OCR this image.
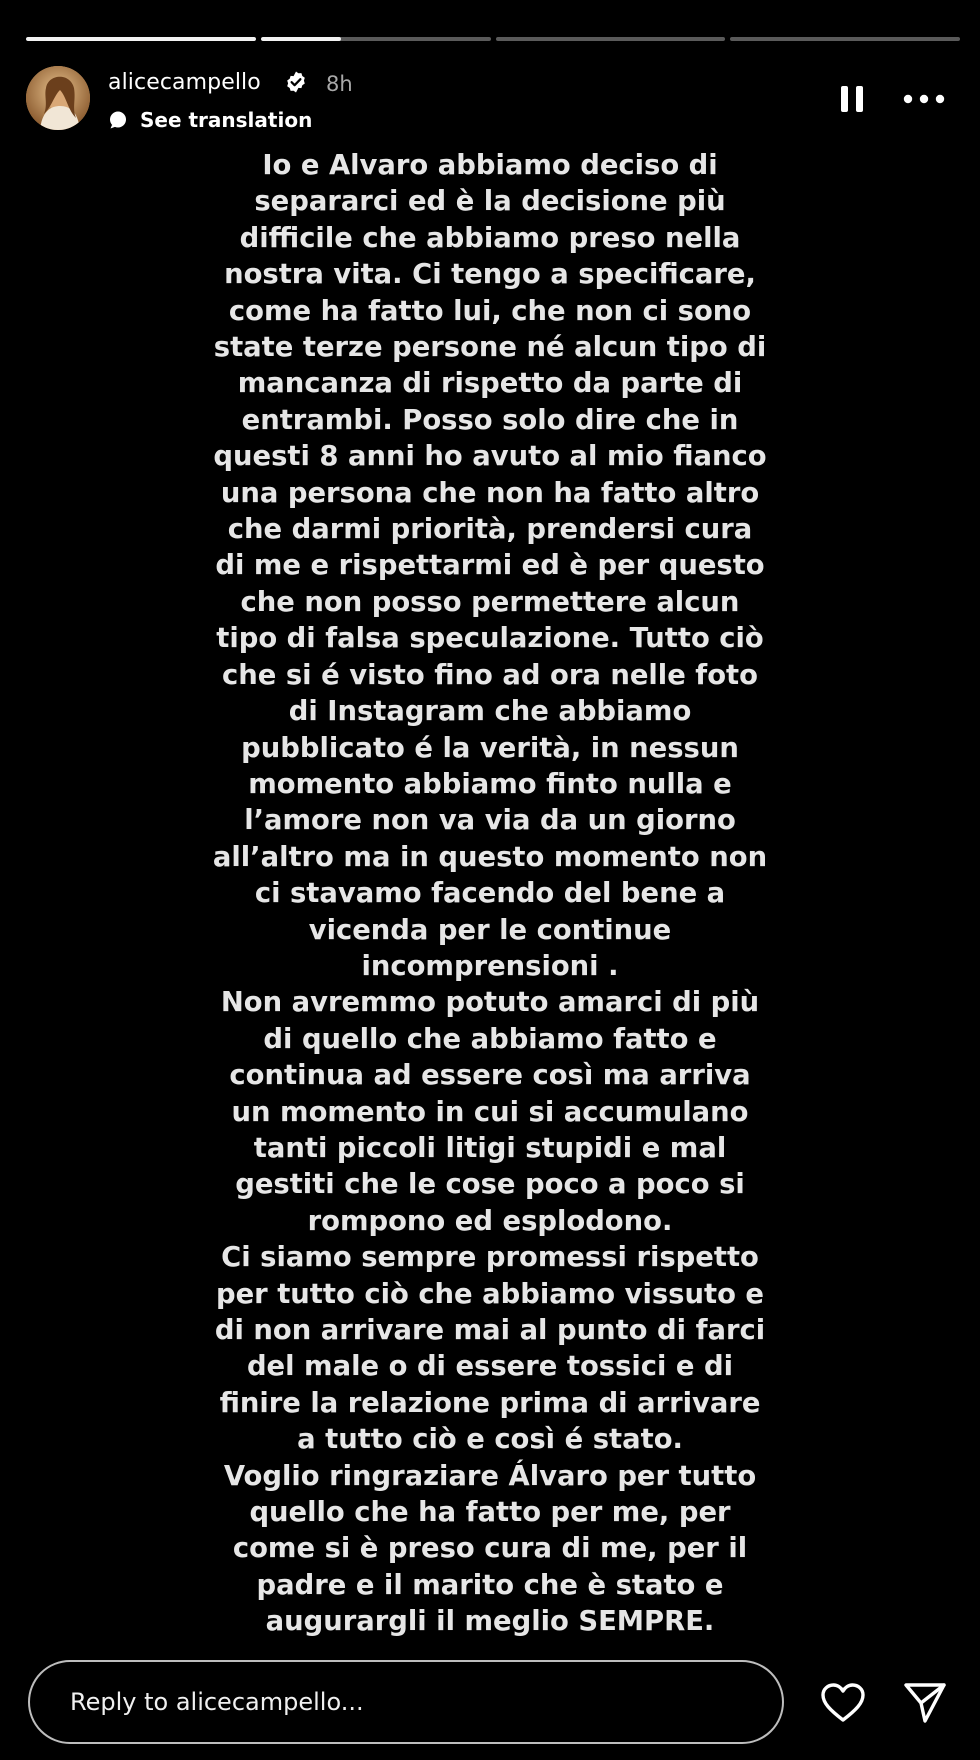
alicecampello	8h
See translation
Io e Alvaro abbiamo deciso di
separarci ed è la decisione più
difficile che abbiamo preso nella
nostra vita. Ci tengo a specificare,
come ha fatto lui, che non ci sono
state terze persone né alcun tipo di
mancanza di rispetto da parte di
entrambi. Posso solo dire che in
questi 8 anni ho avuto al mio fianco
una persona che non ha fatto altro
che darmi priorità, prendersi cura
di me e rispettarmi ed è per questo
che non posso permettere alcun
tipo di falsa speculazione. Tutto ciò
che si é visto fino ad ora nelle foto
di Instagram che abbiamo
pubblicato é la verità, in nessun
momento abbiamo finto nulla e
l’amore non va via da un giorno
all’altro ma in questo momento non
ci stavamo facendo del bene a
vicenda per le continue
incomprensioni .
Non avremmo potuto amarci di più
di quello che abbiamo fatto e
continua ad essere così ma arriva
un momento in cui si accumulano
tanti piccoli litigi stupidi e mal
gestiti che le cose poco a poco si
rompono ed esplodono.
Ci siamo sempre promessi rispetto
per tutto ciò che abbiamo vissuto e
di non arrivare mai al punto di farci
del male o di essere tossici e di
finire la relazione prima di arrivare
a tutto ciò e così é stato.
Voglio ringraziare Álvaro per tutto
quello che ha fatto per me, per
come si è preso cura di me, per il
padre e il marito che è stato e
augurargli il meglio SEMPRE.
Reply to alicecampello...
